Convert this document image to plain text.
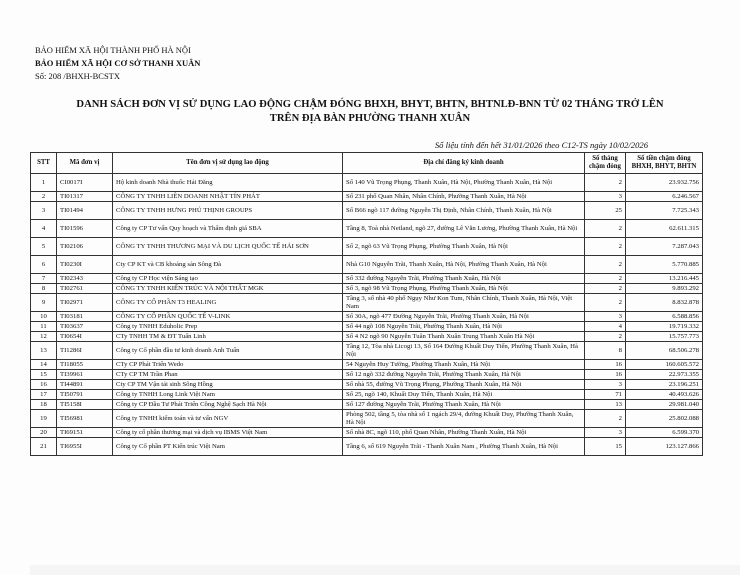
BẢO HIỂM XÃ HỘI THÀNH PHỐ HÀ NỘI
BẢO HIỂM XÃ HỘI CƠ SỞ THANH XUÂN
Số: 208 /BHXH-BCSTX
DANH SÁCH ĐƠN VỊ SỬ DỤNG LAO ĐỘNG CHẬM ĐÓNG BHXH, BHYT, BHTN, BHTNLĐ-BNN TỪ 02 THÁNG TRỞ LÊN
TRÊN ĐỊA BÀN PHƯỜNG THANH XUÂN
Số liệu tính đến hết 31/01/2026 theo C12-TS ngày 10/02/2026
STT	Mã đơn vị	Tên đơn vị sử dụng lao động	Địa chỉ đăng ký kinh doanh	Số tháng chậm đóng	Số tiền chậm đóng BHXH, BHYT, BHTN
1	CI0017I	Hộ kinh doanh Nhà thuốc Hải Đăng	Số 140 Vũ Trọng Phụng, Thanh Xuân, Hà Nội, Phường Thanh Xuân, Hà Nội	2	23.932.756
2	TI01317	CÔNG TY TNHH LIÊN DOANH NHẬT TÍN PHÁT	Số 231 phố Quan Nhân, Nhân Chính, Phường Thanh Xuân, Hà Nội	3	6.246.567
3	TI01494	CÔNG TY TNHH HƯNG PHÚ THỊNH GROUPS	Số B66 ngõ 117 đường Nguyễn Thị Định, Nhân Chính, Thanh Xuân, Hà Nội	25	7.725.343
4	TI01596	Công ty CP Tư vấn Quy hoạch và Thẩm định giá SBA	Tầng 8, Toà nhà Netland, ngõ 27, đường Lê Văn Lương, Phường Thanh Xuân, Hà Nội	2	62.611.315
5	TI02106	CÔNG TY TNHH THƯƠNG MẠI VÀ DU LỊCH QUỐC TẾ HẢI SƠN	Số 2, ngõ 63 Vũ Trọng Phụng, Phường Thanh Xuân, Hà Nội	2	7.287.043
6	TI0230I	Cty CP KT và CB khoáng sản Sông Đà	Nhà G10 Nguyễn Trãi, Thanh Xuân, Hà Nội, Phường Thanh Xuân, Hà Nội	2	5.770.885
7	TI02343	Công ty CP Học viện Sáng tạo	Số 332 đường Nguyễn Trãi, Phường Thanh Xuân, Hà Nội	2	13.216.445
8	TI02761	CÔNG TY TNHH KIẾN TRÚC VÀ NỘI THẤT MGK	Số 3, ngõ 98 Vũ Trọng Phụng, Phường Thanh Xuân, Hà Nội	2	9.893.292
9	TI02971	CÔNG TY CỔ PHẦN T3 HEALING	Tầng 3, số nhà 40 phố Ngụy Như Kon Tum, Nhân Chính, Thanh Xuân, Hà Nội, Việt Nam	2	8.832.878
10	TI03181	CÔNG TY CỔ PHẦN QUỐC TẾ V-LINK	Số 30A, ngõ 477 Đường Nguyễn Trãi, Phường Thanh Xuân, Hà Nội	3	6.588.856
11	TI03637	Công ty TNHH Eduholic Prep	Số 44 ngõ 108 Nguyễn Trãi, Phường Thanh Xuân, Hà Nội	4	19.719.332
12	TI0654I	CTy TNHH TM & ĐT Tuấn Linh	Số 4 N2 ngõ 90 Nguyễn Tuân Thanh Xuân Trung Thanh Xuân Hà Nội	2	15.757.773
13	TI1286I	Công ty Cổ phần đầu tư kinh doanh Anh Tuấn	Tầng 12, Tòa nhà Licogi 13, Số 164 Đường Khuất Duy Tiến, Phường Thanh Xuân, Hà Nội	8	68.506.278
14	TI18055	CTy CP Phát Triển Wedo	54 Nguyễn Huy Tưởng, Phường Thanh Xuân, Hà Nội	16	160.605.572
15	TI39961	CTy CP TM Trần Phan	Số 12 ngõ 332 đường Nguyễn Trãi, Phường Thanh Xuân, Hà Nội	16	22.973.355
16	TI44891	Cty CP TM Vận tải sinh Sông Hồng	Số nhà 55, đường Vũ Trọng Phụng, Phường Thanh Xuân, Hà Nội	3	23.196.251
17	TI50791	Công ty TNHH Long Link Việt Nam	Số 25, ngõ 140, Khuất Duy Tiến, Thanh Xuân, Hà Nội	71	40.493.626
18	TI5158I	Công ty CP Đầu Tư Phát Triển Công Nghệ Sạch Hà Nội	Số 127 đường Nguyễn Trãi, Phường Thanh Xuân, Hà Nội	13	29.981.040
19	TI56981	Công ty TNHH kiểm toán và tư vấn NGV	Phòng 502, tầng 5, tòa nhà số 1 ngách 29/4, đường Khuất Duy, Phường Thanh Xuân, Hà Nội	2	25.802.088
20	TI69151	Công ty cổ phần thương mại và dịch vụ IBMS Việt Nam	Số nhà 8C, ngõ 110, phố Quan Nhân, Phường Thanh Xuân, Hà Nội	3	6.599.370
21	TI6955I	Công ty Cổ phần PT Kiến trúc Việt Nam	Tầng 6, số 619 Nguyễn Trãi - Thanh Xuân Nam , Phường Thanh Xuân, Hà Nội	15	123.127.866
